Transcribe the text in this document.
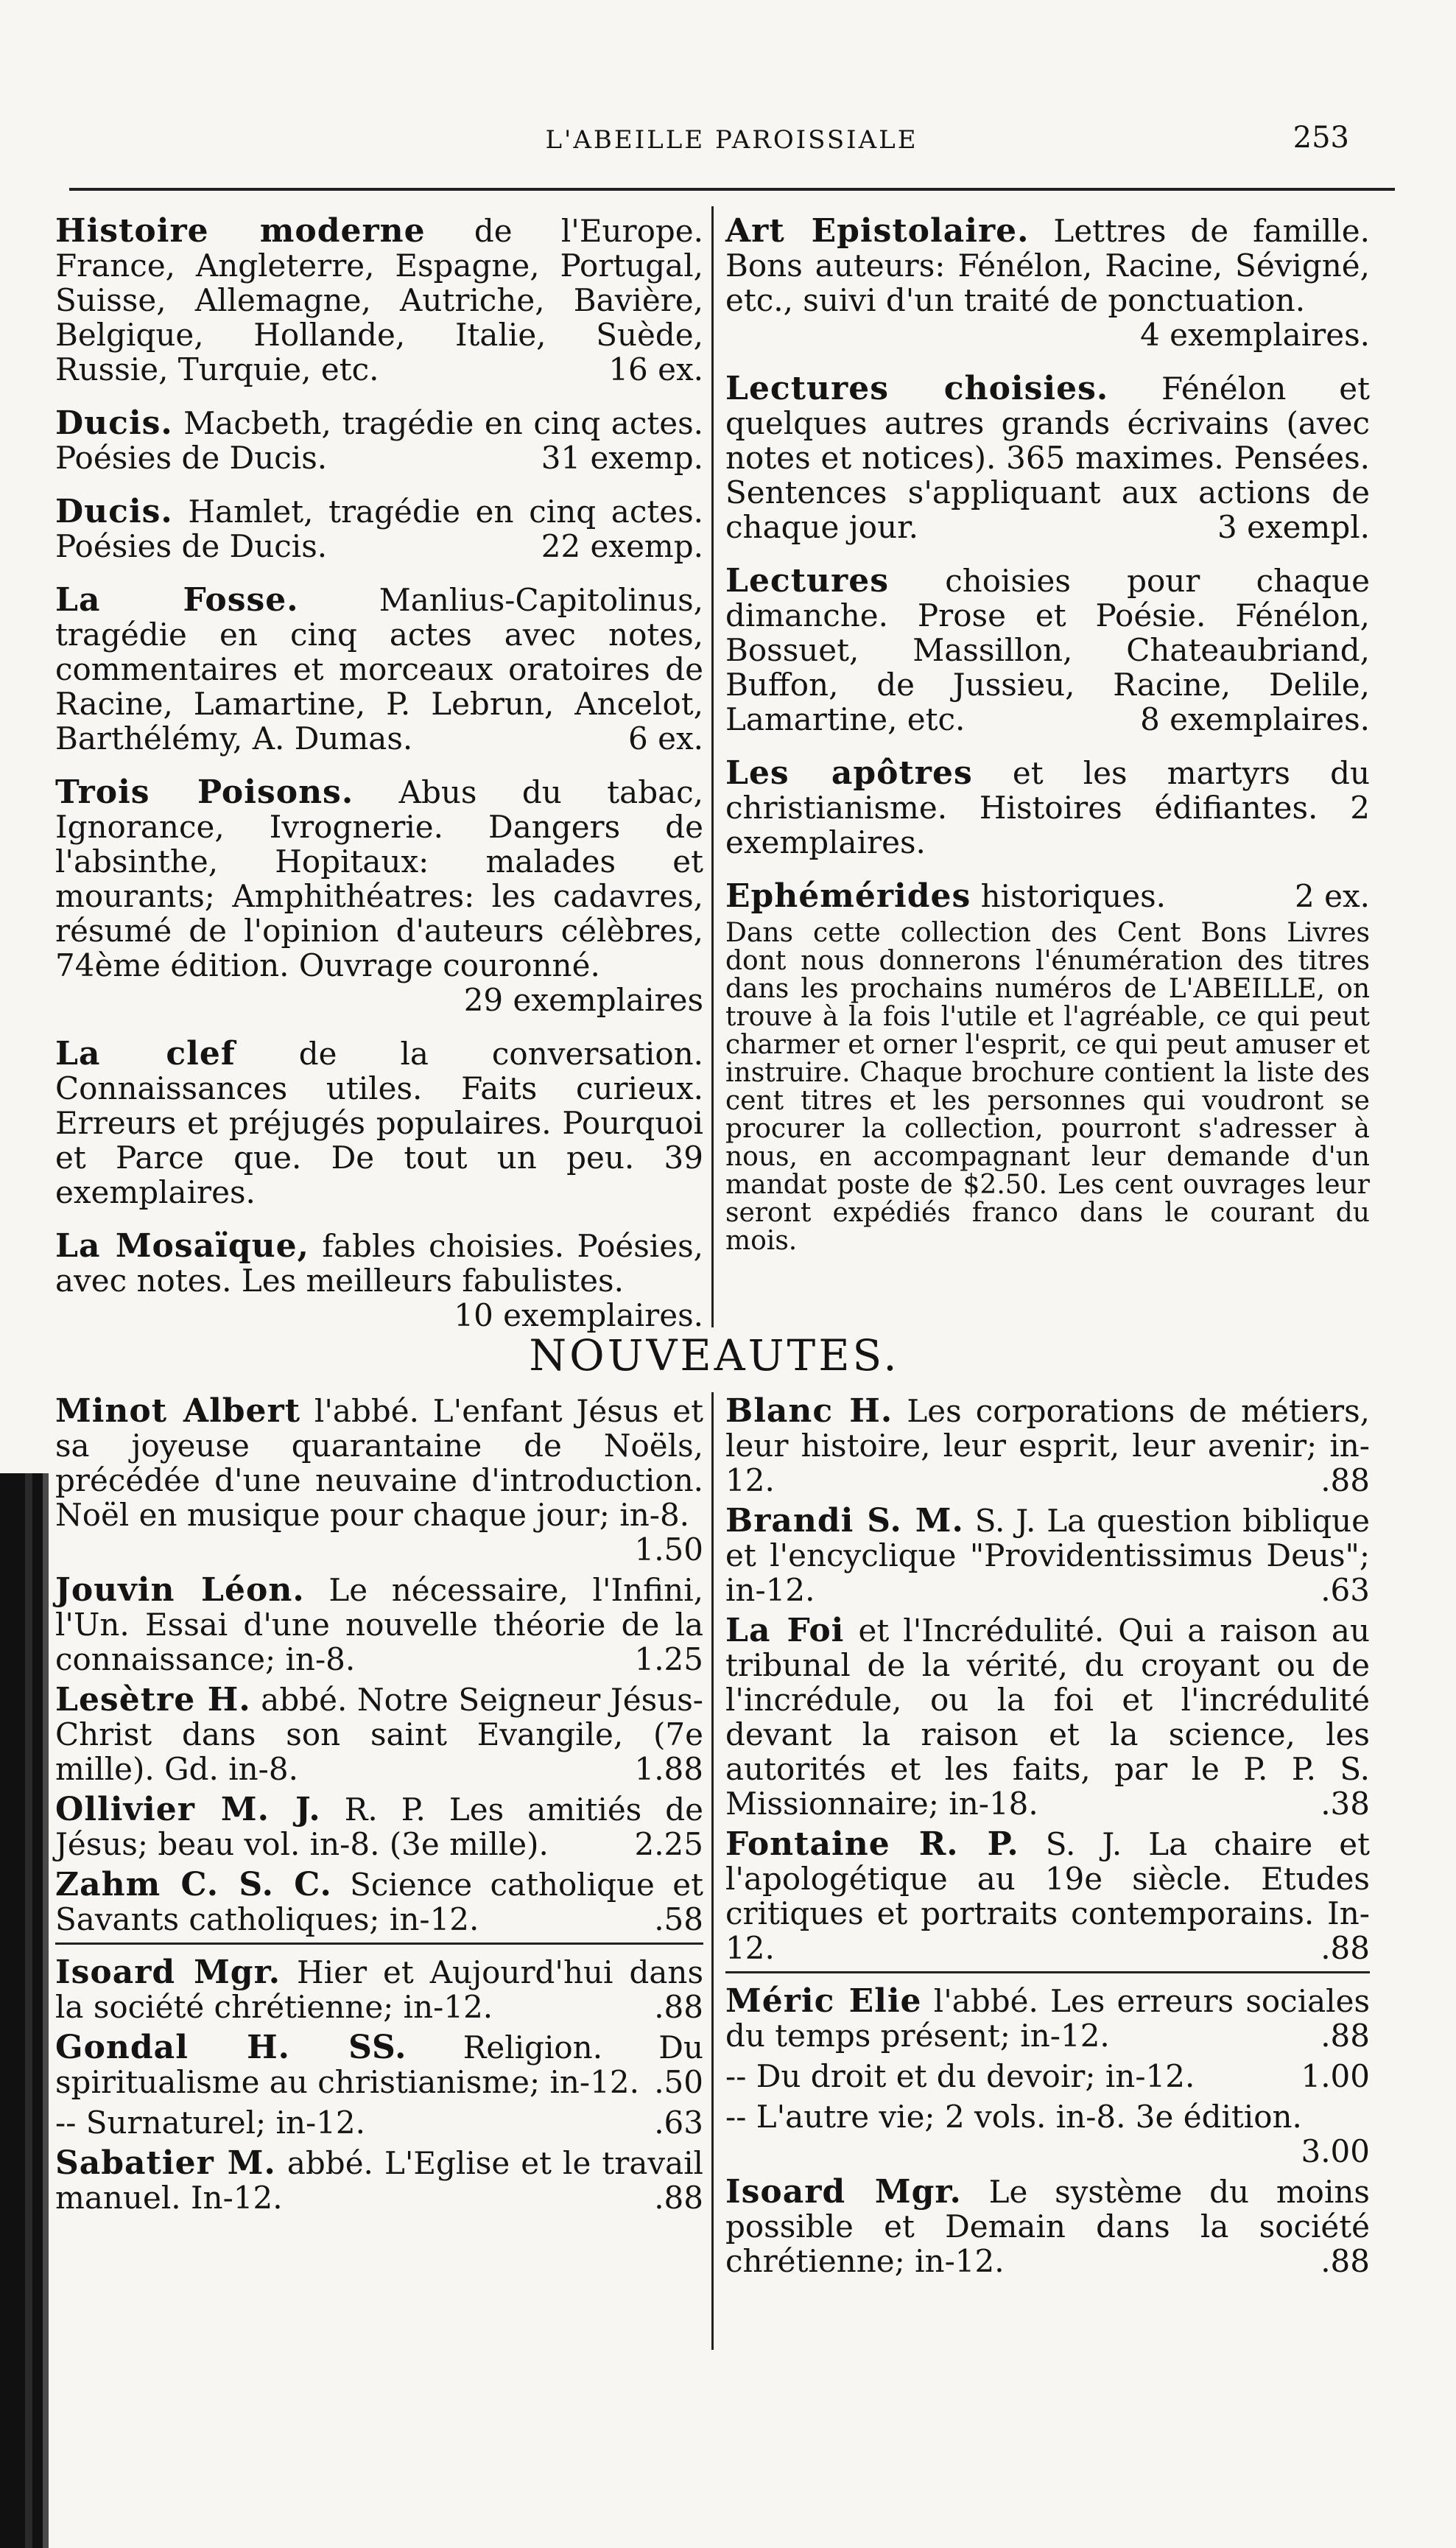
L'ABEILLE PAROISSIALE	253
Histoire moderne de l'Europe. France, Angleterre, Espagne, Portugal, Suisse, Allemagne, Autriche, Bavière, Belgique, Hollande, Italie, Suède, Russie, Turquie, etc.	16 ex.
Ducis. Macbeth, tragédie en cinq actes. Poésies de Ducis.	31 exemp.
Ducis. Hamlet, tragédie en cinq actes. Poésies de Ducis.	22 exemp.
La Fosse. Manlius-Capitolinus, tragédie en cinq actes avec notes, commentaires et morceaux oratoires de Racine, Lamartine, P. Lebrun, Ancelot, Barthélémy, A. Dumas.	6 ex.
Trois Poisons. Abus du tabac, Ignorance, Ivrognerie. Dangers de l'absinthe, Hopitaux: malades et mourants; Amphithéatres: les cadavres, résumé de l'opinion d'auteurs célèbres, 74ème édition. Ouvrage couronné.
29 exemplaires
La clef de la conversation. Connaissances utiles. Faits curieux. Erreurs et préjugés populaires. Pourquoi et Parce que. De tout un peu. 39 exemplaires.
La Mosaïque, fables choisies. Poésies, avec notes. Les meilleurs fabulistes.
10 exemplaires.
Art Epistolaire. Lettres de famille. Bons auteurs: Fénélon, Racine, Sévigné, etc., suivi d'un traité de ponctuation.
4 exemplaires.
Lectures choisies. Fénélon et quelques autres grands écrivains (avec notes et notices). 365 maximes. Pensées. Sentences s'appliquant aux actions de chaque jour.	3 exempl.
Lectures choisies pour chaque dimanche. Prose et Poésie. Fénélon, Bossuet, Massillon, Chateaubriand, Buffon, de Jussieu, Racine, Delile, Lamartine, etc.	8 exemplaires.
Les apôtres et les martyrs du christianisme. Histoires édifiantes. 2 exemplaires.
Ephémérides historiques.	2 ex.
Dans cette collection des Cent Bons Livres dont nous donnerons l'énumération des titres dans les prochains numéros de L'ABEILLE, on trouve à la fois l'utile et l'agréable, ce qui peut charmer et orner l'esprit, ce qui peut amuser et instruire. Chaque brochure contient la liste des cent titres et les personnes qui voudront se procurer la collection, pourront s'adresser à nous, en accompagnant leur demande d'un mandat poste de $2.50. Les cent ouvrages leur seront expédiés franco dans le courant du mois.
NOUVEAUTES.
Minot Albert l'abbé. L'enfant Jésus et sa joyeuse quarantaine de Noëls, précédée d'une neuvaine d'introduction. Noël en musique pour chaque jour; in-8.
1.50
Jouvin Léon. Le nécessaire, l'Infini, l'Un. Essai d'une nouvelle théorie de la connaissance; in-8.	1.25
Lesètre H. abbé. Notre Seigneur Jésus-Christ dans son saint Evangile, (7e mille). Gd. in-8.	1.88
Ollivier M. J. R. P. Les amitiés de Jésus; beau vol. in-8. (3e mille).	2.25
Zahm C. S. C. Science catholique et Savants catholiques; in-12.	.58
Isoard Mgr. Hier et Aujourd'hui dans la société chrétienne; in-12.	.88
Gondal H. SS. Religion. Du spiritualisme au christianisme; in-12. .50
-- Surnaturel; in-12.	.63
Sabatier M. abbé. L'Eglise et le travail manuel. In-12.	.88
Blanc H. Les corporations de métiers, leur histoire, leur esprit, leur avenir; in-12.	.88
Brandi S. M. S. J. La question biblique et l'encyclique "Providentissimus Deus"; in-12.	.63
La Foi et l'Incrédulité. Qui a raison au tribunal de la vérité, du croyant ou de l'incrédule, ou la foi et l'incrédulité devant la raison et la science, les autorités et les faits, par le P. P. S. Missionnaire; in-18.	.38
Fontaine R. P. S. J. La chaire et l'apologétique au 19e siècle. Etudes critiques et portraits contemporains. In-12.	.88
Méric Elie l'abbé. Les erreurs sociales du temps présent; in-12.	.88
-- Du droit et du devoir; in-12.	1.00
-- L'autre vie; 2 vols. in-8. 3e édition.
3.00
Isoard Mgr. Le système du moins possible et Demain dans la société chrétienne; in-12.	.88
